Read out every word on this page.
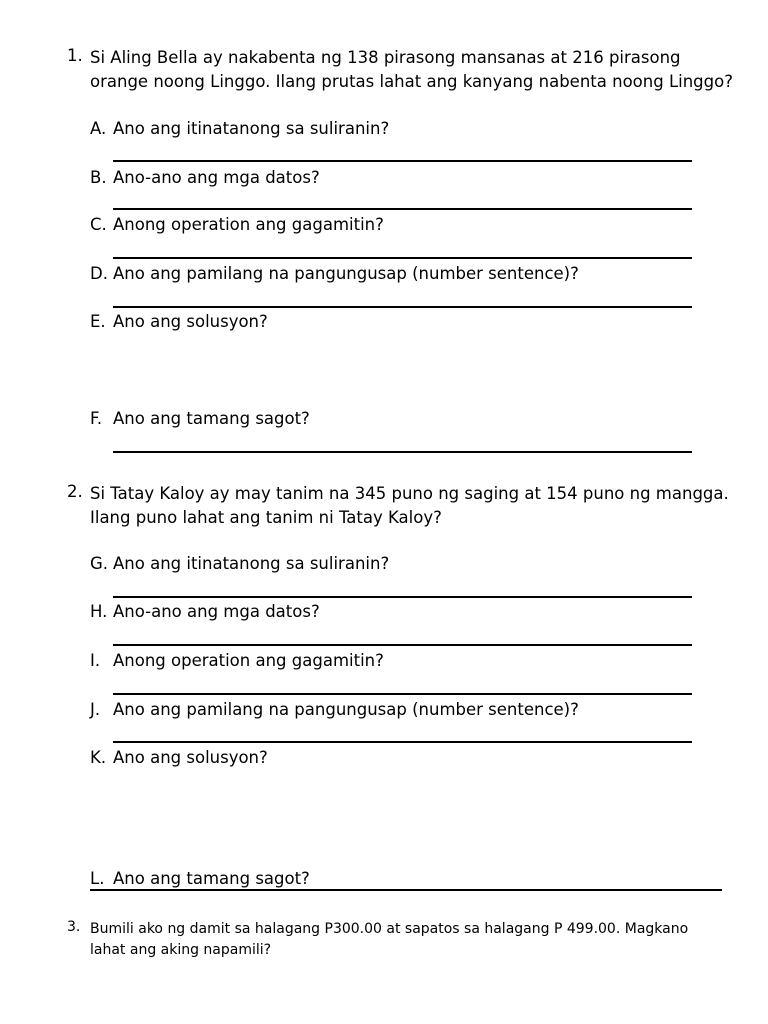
1. Si Aling Bella ay nakabenta ng 138 pirasong mansanas at 216 pirasong orange noong Linggo. Ilang prutas lahat ang kanyang nabenta noong Linggo?
A. Ano ang itinatanong sa suliranin?
B. Ano-ano ang mga datos?
C. Anong operation ang gagamitin?
D. Ano ang pamilang na pangungusap (number sentence)?
E. Ano ang solusyon?
F. Ano ang tamang sagot?
2. Si Tatay Kaloy ay may tanim na 345 puno ng saging at 154 puno ng mangga. Ilang puno lahat ang tanim ni Tatay Kaloy?
G. Ano ang itinatanong sa suliranin?
H. Ano-ano ang mga datos?
I. Anong operation ang gagamitin?
J. Ano ang pamilang na pangungusap (number sentence)?
K. Ano ang solusyon?
L. Ano ang tamang sagot?
3. Bumili ako ng damit sa halagang P300.00 at sapatos sa halagang P 499.00. Magkano lahat ang aking napamili?
